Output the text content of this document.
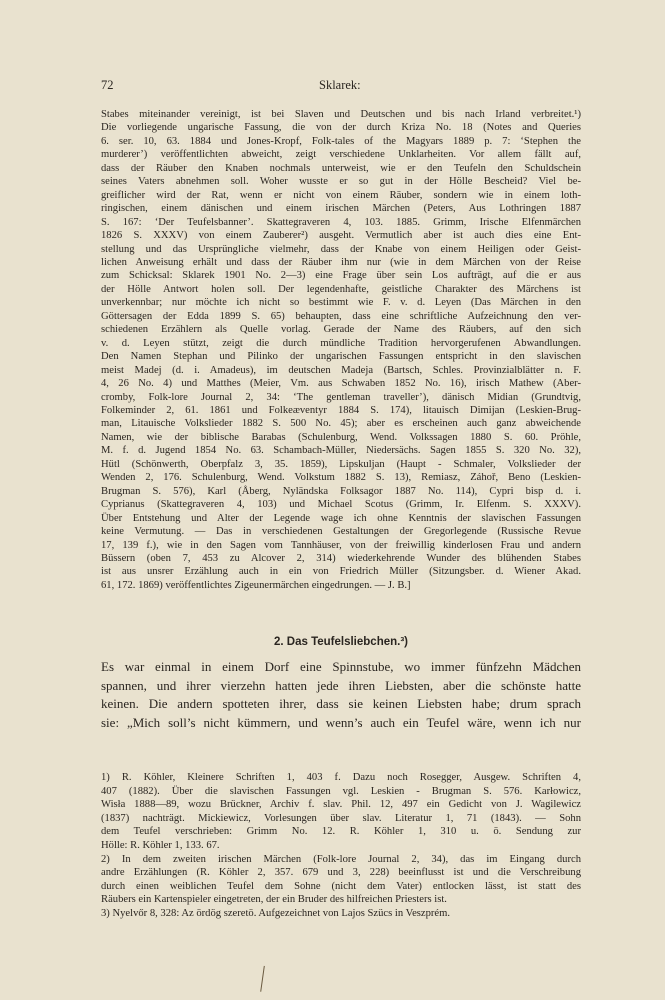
72	Sklarek:
Stabes miteinander vereinigt, ist bei Slaven und Deutschen und bis nach Irland verbreitet.¹)
Die vorliegende ungarische Fassung, die von der durch Kriza No. 18 (Notes and Queries
6. ser. 10, 63. 1884 und Jones-Kropf, Folk-tales of the Magyars 1889 p. 7: ‘Stephen the
murderer’) veröffentlichten abweicht, zeigt verschiedene Unklarheiten. Vor allem fällt auf,
dass der Räuber den Knaben nochmals unterweist, wie er den Teufeln den Schuldschein
seines Vaters abnehmen soll. Woher wusste er so gut in der Hölle Bescheid? Viel be-
greiflicher wird der Rat, wenn er nicht von einem Räuber, sondern wie in einem loth-
ringischen, einem dänischen und einem irischen Märchen (Peters, Aus Lothringen 1887
S. 167: ‘Der Teufelsbanner’. Skattegraveren 4, 103. 1885. Grimm, Irische Elfenmärchen
1826 S. XXXV) von einem Zauberer²) ausgeht. Vermutlich aber ist auch dies eine Ent-
stellung und das Ursprüngliche vielmehr, dass der Knabe von einem Heiligen oder Geist-
lichen Anweisung erhält und dass der Räuber ihm nur (wie in dem Märchen von der Reise
zum Schicksal: Sklarek 1901 No. 2—3) eine Frage über sein Los aufträgt, auf die er aus
der Hölle Antwort holen soll. Der legendenhafte, geistliche Charakter des Märchens ist
unverkennbar; nur möchte ich nicht so bestimmt wie F. v. d. Leyen (Das Märchen in den
Göttersagen der Edda 1899 S. 65) behaupten, dass eine schriftliche Aufzeichnung den ver-
schiedenen Erzählern als Quelle vorlag. Gerade der Name des Räubers, auf den sich
v. d. Leyen stützt, zeigt die durch mündliche Tradition hervorgerufenen Abwandlungen.
Den Namen Stephan und Pilinko der ungarischen Fassungen entspricht in den slavischen
meist Madej (d. i. Amadeus), im deutschen Madeja (Bartsch, Schles. Provinzialblätter n. F.
4, 26 No. 4) und Matthes (Meier, Vm. aus Schwaben 1852 No. 16), irisch Mathew (Aber-
cromby, Folk-lore Journal 2, 34: ‘The gentleman traveller’), dänisch Midian (Grundtvig,
Folkeminder 2, 61. 1861 und Folkeæventyr 1884 S. 174), litauisch Dimijan (Leskien-Brug-
man, Litauische Volkslieder 1882 S. 500 No. 45); aber es erscheinen auch ganz abweichende
Namen, wie der biblische Barabas (Schulenburg, Wend. Volkssagen 1880 S. 60. Pröhle,
M. f. d. Jugend 1854 No. 63. Schambach-Müller, Niedersächs. Sagen 1855 S. 320 No. 32),
Hütl (Schönwerth, Oberpfalz 3, 35. 1859), Lipskuljan (Haupt - Schmaler, Volkslieder der
Wenden 2, 176. Schulenburg, Wend. Volkstum 1882 S. 13), Remiasz, Záhoř, Beno (Leskien-
Brugman S. 576), Karl (Åberg, Nyländska Folksagor 1887 No. 114), Cypri bisp d. i.
Cyprianus (Skattegraveren 4, 103) und Michael Scotus (Grimm, Ir. Elfenm. S. XXXV).
Über Entstehung und Alter der Legende wage ich ohne Kenntnis der slavischen Fassungen
keine Vermutung. — Das in verschiedenen Gestaltungen der Gregorlegende (Russische Revue
17, 139 f.), wie in den Sagen vom Tannhäuser, von der freiwillig kinderlosen Frau und andern
Büssern (oben 7, 453 zu Alcover 2, 314) wiederkehrende Wunder des blühenden Stabes
ist aus unsrer Erzählung auch in ein von Friedrich Müller (Sitzungsber. d. Wiener Akad.
61, 172. 1869) veröffentlichtes Zigeunermärchen eingedrungen. — J. B.]
2. Das Teufelsliebchen.³)
Es war einmal in einem Dorf eine Spinnstube, wo immer fünfzehn Mädchen
spannen, und ihrer vierzehn hatten jede ihren Liebsten, aber die schönste hatte
keinen. Die andern spotteten ihrer, dass sie keinen Liebsten habe; drum sprach
sie: „Mich soll’s nicht kümmern, und wenn’s auch ein Teufel wäre, wenn ich nur
1) R. Köhler, Kleinere Schriften 1, 403 f. Dazu noch Rosegger, Ausgew. Schriften 4,
407 (1882). Über die slavischen Fassungen vgl. Leskien - Brugman S. 576. Karłowicz,
Wisła 1888—89, wozu Brückner, Archiv f. slav. Phil. 12, 497 ein Gedicht von J. Wagilewicz
(1837) nachträgt. Mickiewicz, Vorlesungen über slav. Literatur 1, 71 (1843). — Sohn
dem Teufel verschrieben: Grimm No. 12. R. Köhler 1, 310 u. ö. Sendung zur
Hölle: R. Köhler 1, 133. 67.
2) In dem zweiten irischen Märchen (Folk-lore Journal 2, 34), das im Eingang durch
andre Erzählungen (R. Köhler 2, 357. 679 und 3, 228) beeinflusst ist und die Verschreibung
durch einen weiblichen Teufel dem Sohne (nicht dem Vater) entlocken lässt, ist statt des
Räubers ein Kartenspieler eingetreten, der ein Bruder des hilfreichen Priesters ist.
3) Nyelvőr 8, 328: Az ördög szeretö. Aufgezeichnet von Lajos Szücs in Veszprém.
